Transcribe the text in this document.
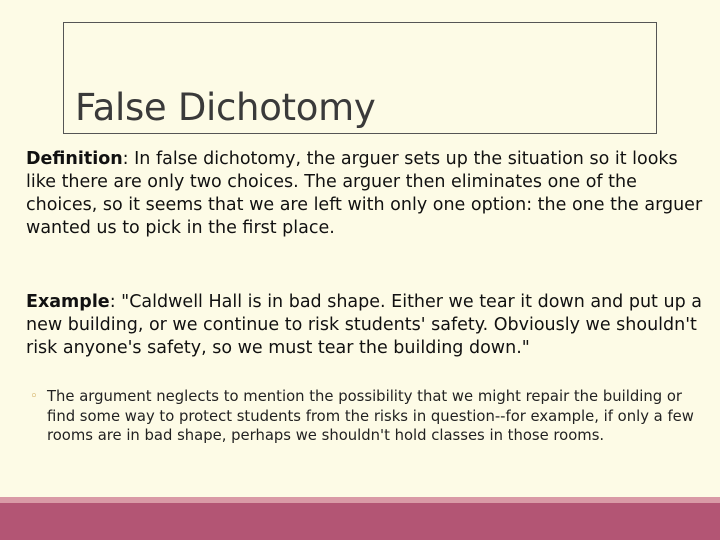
False Dichotomy

Definition: In false dichotomy, the arguer sets up the situation so it looks like there are only two choices. The arguer then eliminates one of the choices, so it seems that we are left with only one option: the one the arguer wanted us to pick in the first place.

Example: "Caldwell Hall is in bad shape. Either we tear it down and put up a new building, or we continue to risk students' safety. Obviously we shouldn't risk anyone's safety, so we must tear the building down."

◦ The argument neglects to mention the possibility that we might repair the building or find some way to protect students from the risks in question--for example, if only a few rooms are in bad shape, perhaps we shouldn't hold classes in those rooms.
